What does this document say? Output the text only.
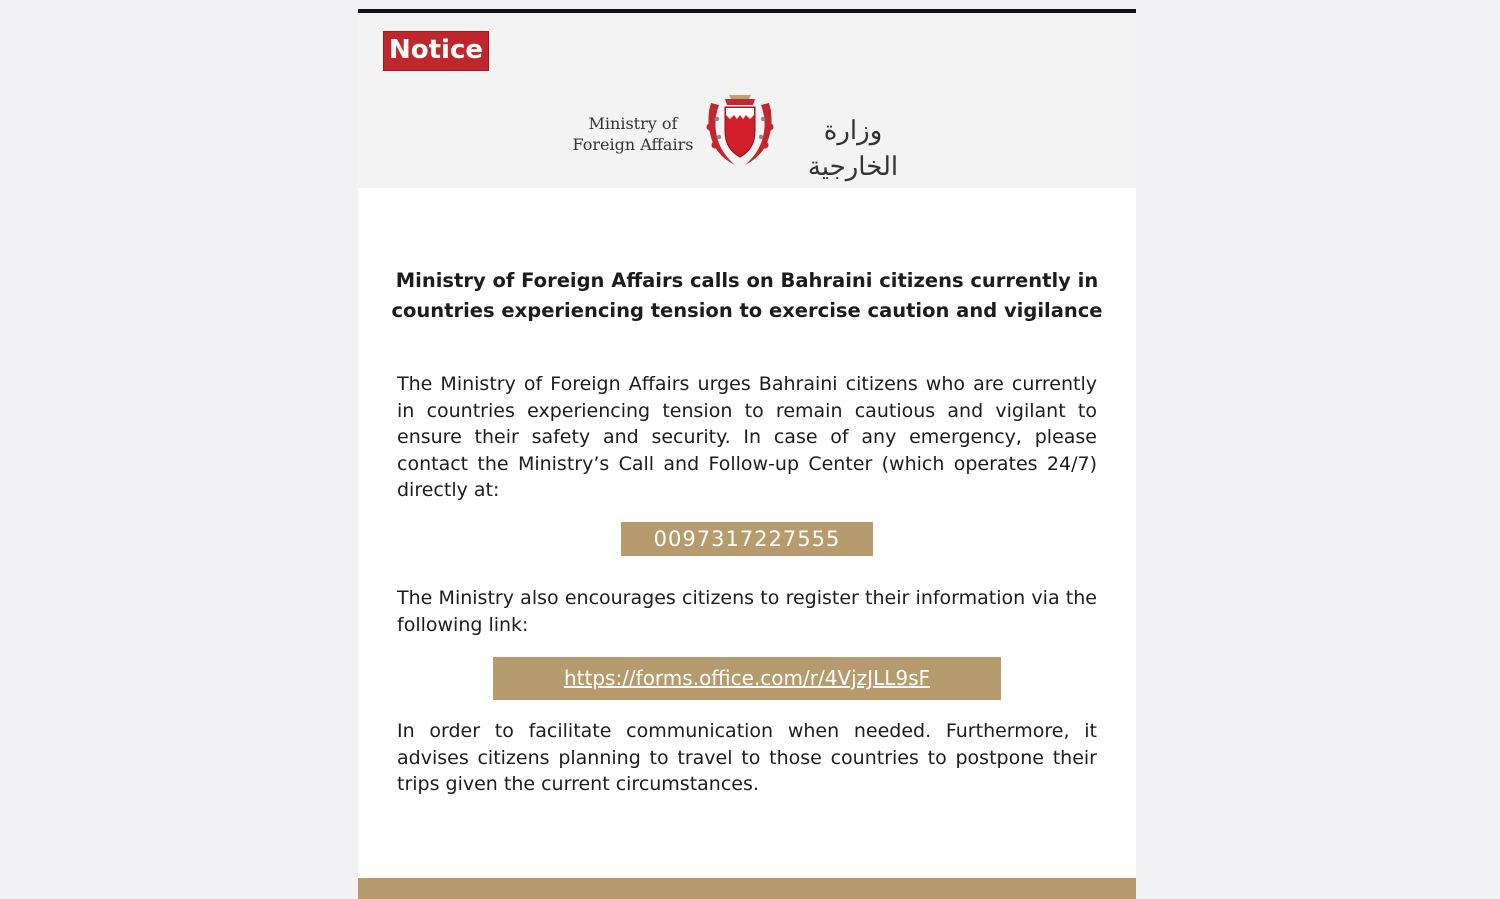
Notice
Ministry of
Foreign Affairs	وزارة الخارجية
Ministry of Foreign Affairs calls on Bahraini citizens currently in countries experiencing tension to exercise caution and vigilance
The Ministry of Foreign Affairs urges Bahraini citizens who are currently in countries experiencing tension to remain cautious and vigilant to ensure their safety and security. In case of any emergency, please contact the Ministry’s Call and Follow-up Center (which operates 24/7) directly at:
0097317227555
The Ministry also encourages citizens to register their information via the following link:
https://forms.office.com/r/4VjzJLL9sF
In order to facilitate communication when needed. Furthermore, it advises citizens planning to travel to those countries to postpone their trips given the current circumstances.
